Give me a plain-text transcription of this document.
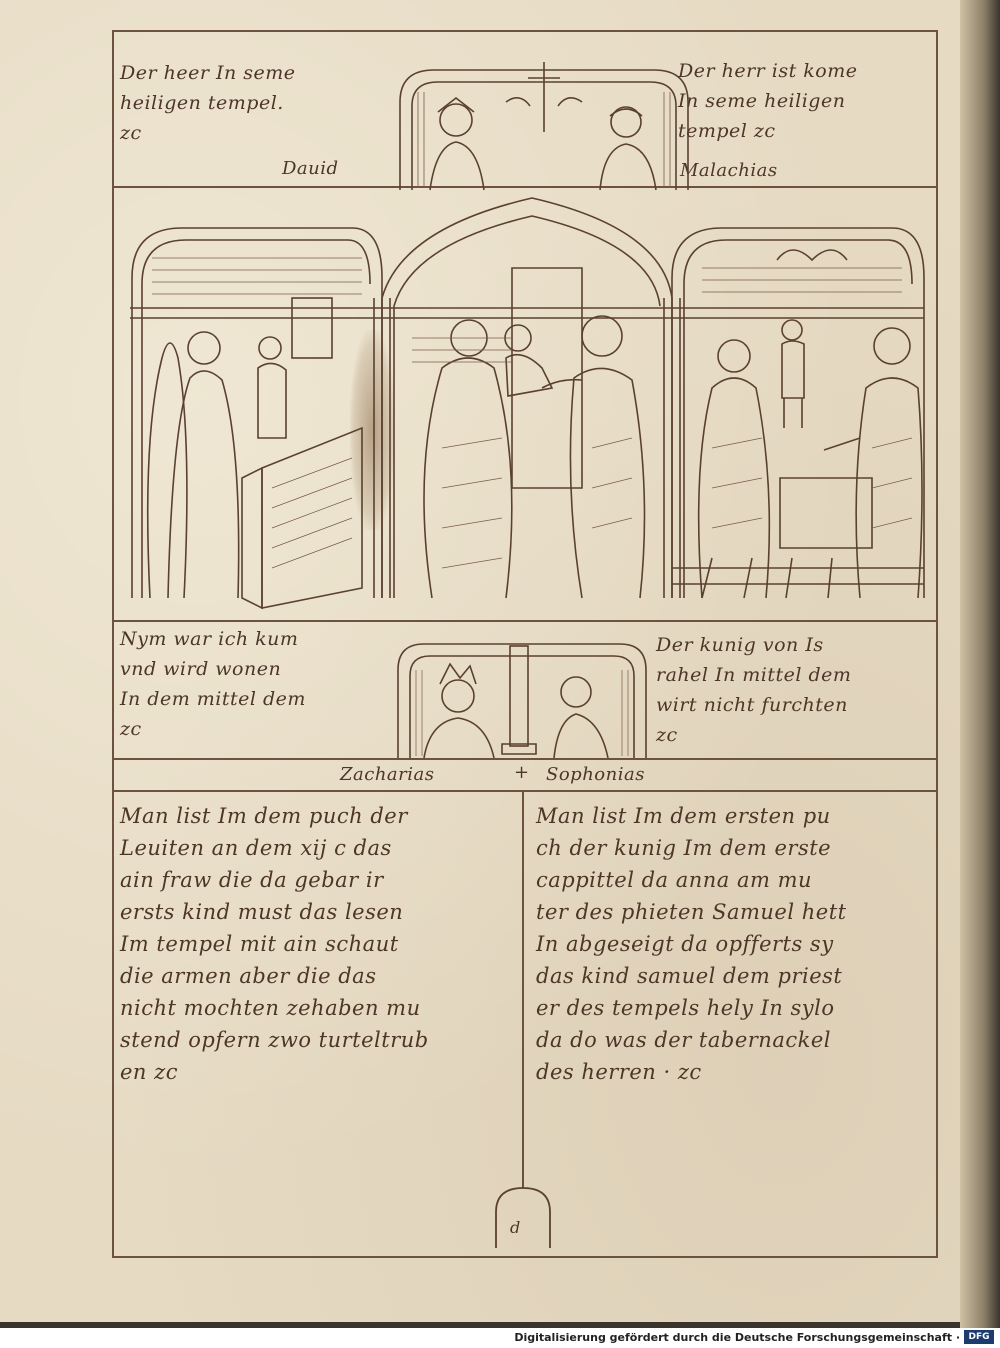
Der heer In seme
heiligen tempel.
zc
Der herr ist kome
In seme heiligen
tempel zc
Dauid	Malachias
Nym war ich kum
vnd wird wonen
In dem mittel dem
zc
Der kunig von Is
rahel In mittel dem
wirt nicht furchten
zc
Zacharias	+ Sophonias
Man list Im dem puch der
Leuiten an dem xij c das
ain fraw die da gebar ir
ersts kind must das lesen
Im tempel mit ain schaut
die armen aber die das
nicht mochten zehaben mu
stend opfern zwo turteltrub
en zc
Man list Im dem ersten pu
ch der kunig Im dem erste
cappittel da anna am mu
ter des phieten Samuel hett
In abgeseigt da opfferts sy
das kind samuel dem priest
er des tempels hely In sylo
da do was der tabernackel
des herren · zc
d
Digitalisierung gefördert durch die Deutsche Forschungsgemeinschaft · DFG
